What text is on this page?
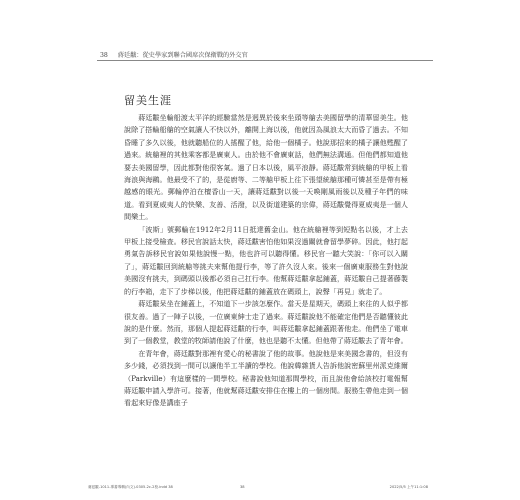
38 蔣廷黻：從史學家到聯合國席次保衛戰的外交官
留美生涯

蔣廷黻坐輪船渡太平洋的經驗當然是迥異於後來坐頭等艙去美國留學的清華留美生。他說除了搭輪船艙的空氣讓人不快以外，離開上海以後，他就因為風浪太大而昏了過去。不知昏睡了多久以後，他就聽船位的人搖醒了他，給他一個橘子。他說那招來的橘子讓他甦醒了過來。統艙裡的其他乘客都是廣東人。由於他不會廣東話，他們無法溝通。但他們都知道他要去美國留學，因此都對他很客氣。過了日本以後，風平浪靜。蔣廷黻常到統艙的甲板上看海浪與海鷗。他最受不了的，是從廚等、二等艙甲板上往下張望統艙那種可憐甚至是帶有極越感的眼光。郵輪停泊在檀香山一天，讓蔣廷黻對以後一天喚剛風雨後以及種子年們的味道。看到夏威夷人的快樂、友善、活潑，以及街道建築的宗偉，蔣廷黻覺得夏威夷是一個人間樂土。

「波斯」號郵輪在1912年2月11日抵達舊金山。他在統艙裡等到短點名以後，才上去甲板上接受檢查。移民官說話太快，蔣廷黻害怕他如果沒過關就會留學夢碎。因此，他打起勇氣告訴移民官說如果他說慢一點，他也許可以聽得懂。移民官一聽大笑說：「你可以入關了」，蔣廷黻回到統艙等挑夫來幫他提行李，等了許久沒人來。後來一個廣東服務生對他說美國沒有挑夫，到碼頭以後都必須自己扛行李。他幫蔣廷黻拿起鋪蓋，蔣廷黻自己提著藤製的行李箱，走下了步梯以後，他把蔣廷黻的鋪蓋放在碼頭上，說聲「再見」就走了。

蔣廷黻呆坐在鋪蓋上，不知道下一步該怎麼作。當天是星期天，碼頭上來往的人似乎都很友善。過了一陣子以後，一位廣東紳士走了過來。蔣廷黻說他不能確定他們是否聽懂彼此說的是什麼。然而，那個人提起蔣廷黻的行李，叫蔣廷黻拿起鋪蓋跟著他走。他們坐了電車到了一個教堂，教堂的牧師請他說了什麼，他也是聽不太懂。但他帶了蔣廷黻去了青年會。

在青年會，蔣廷黻對那裡有愛心的秘書說了他的故事。他說他是來美國念書的，但沒有多少錢，必須找到一間可以讓他半工半讀的學校。他說韓雜貨人告訴他說密蘇里州派克維爾（Parkville）有這麼樣的一間學校。秘書說他知道那間學校，而且說他會給該校打電報幫蔣廷黻申請入學許可。接著，他就幫蔣廷黻安排住在樓上的一個房間。服務生帶他走到一個看起來好像是講座子

蔣廷黻-1011-專書專輯(內文)-0305-2c-2校.indd 38	38	2022/5/5 上午11:1:08
